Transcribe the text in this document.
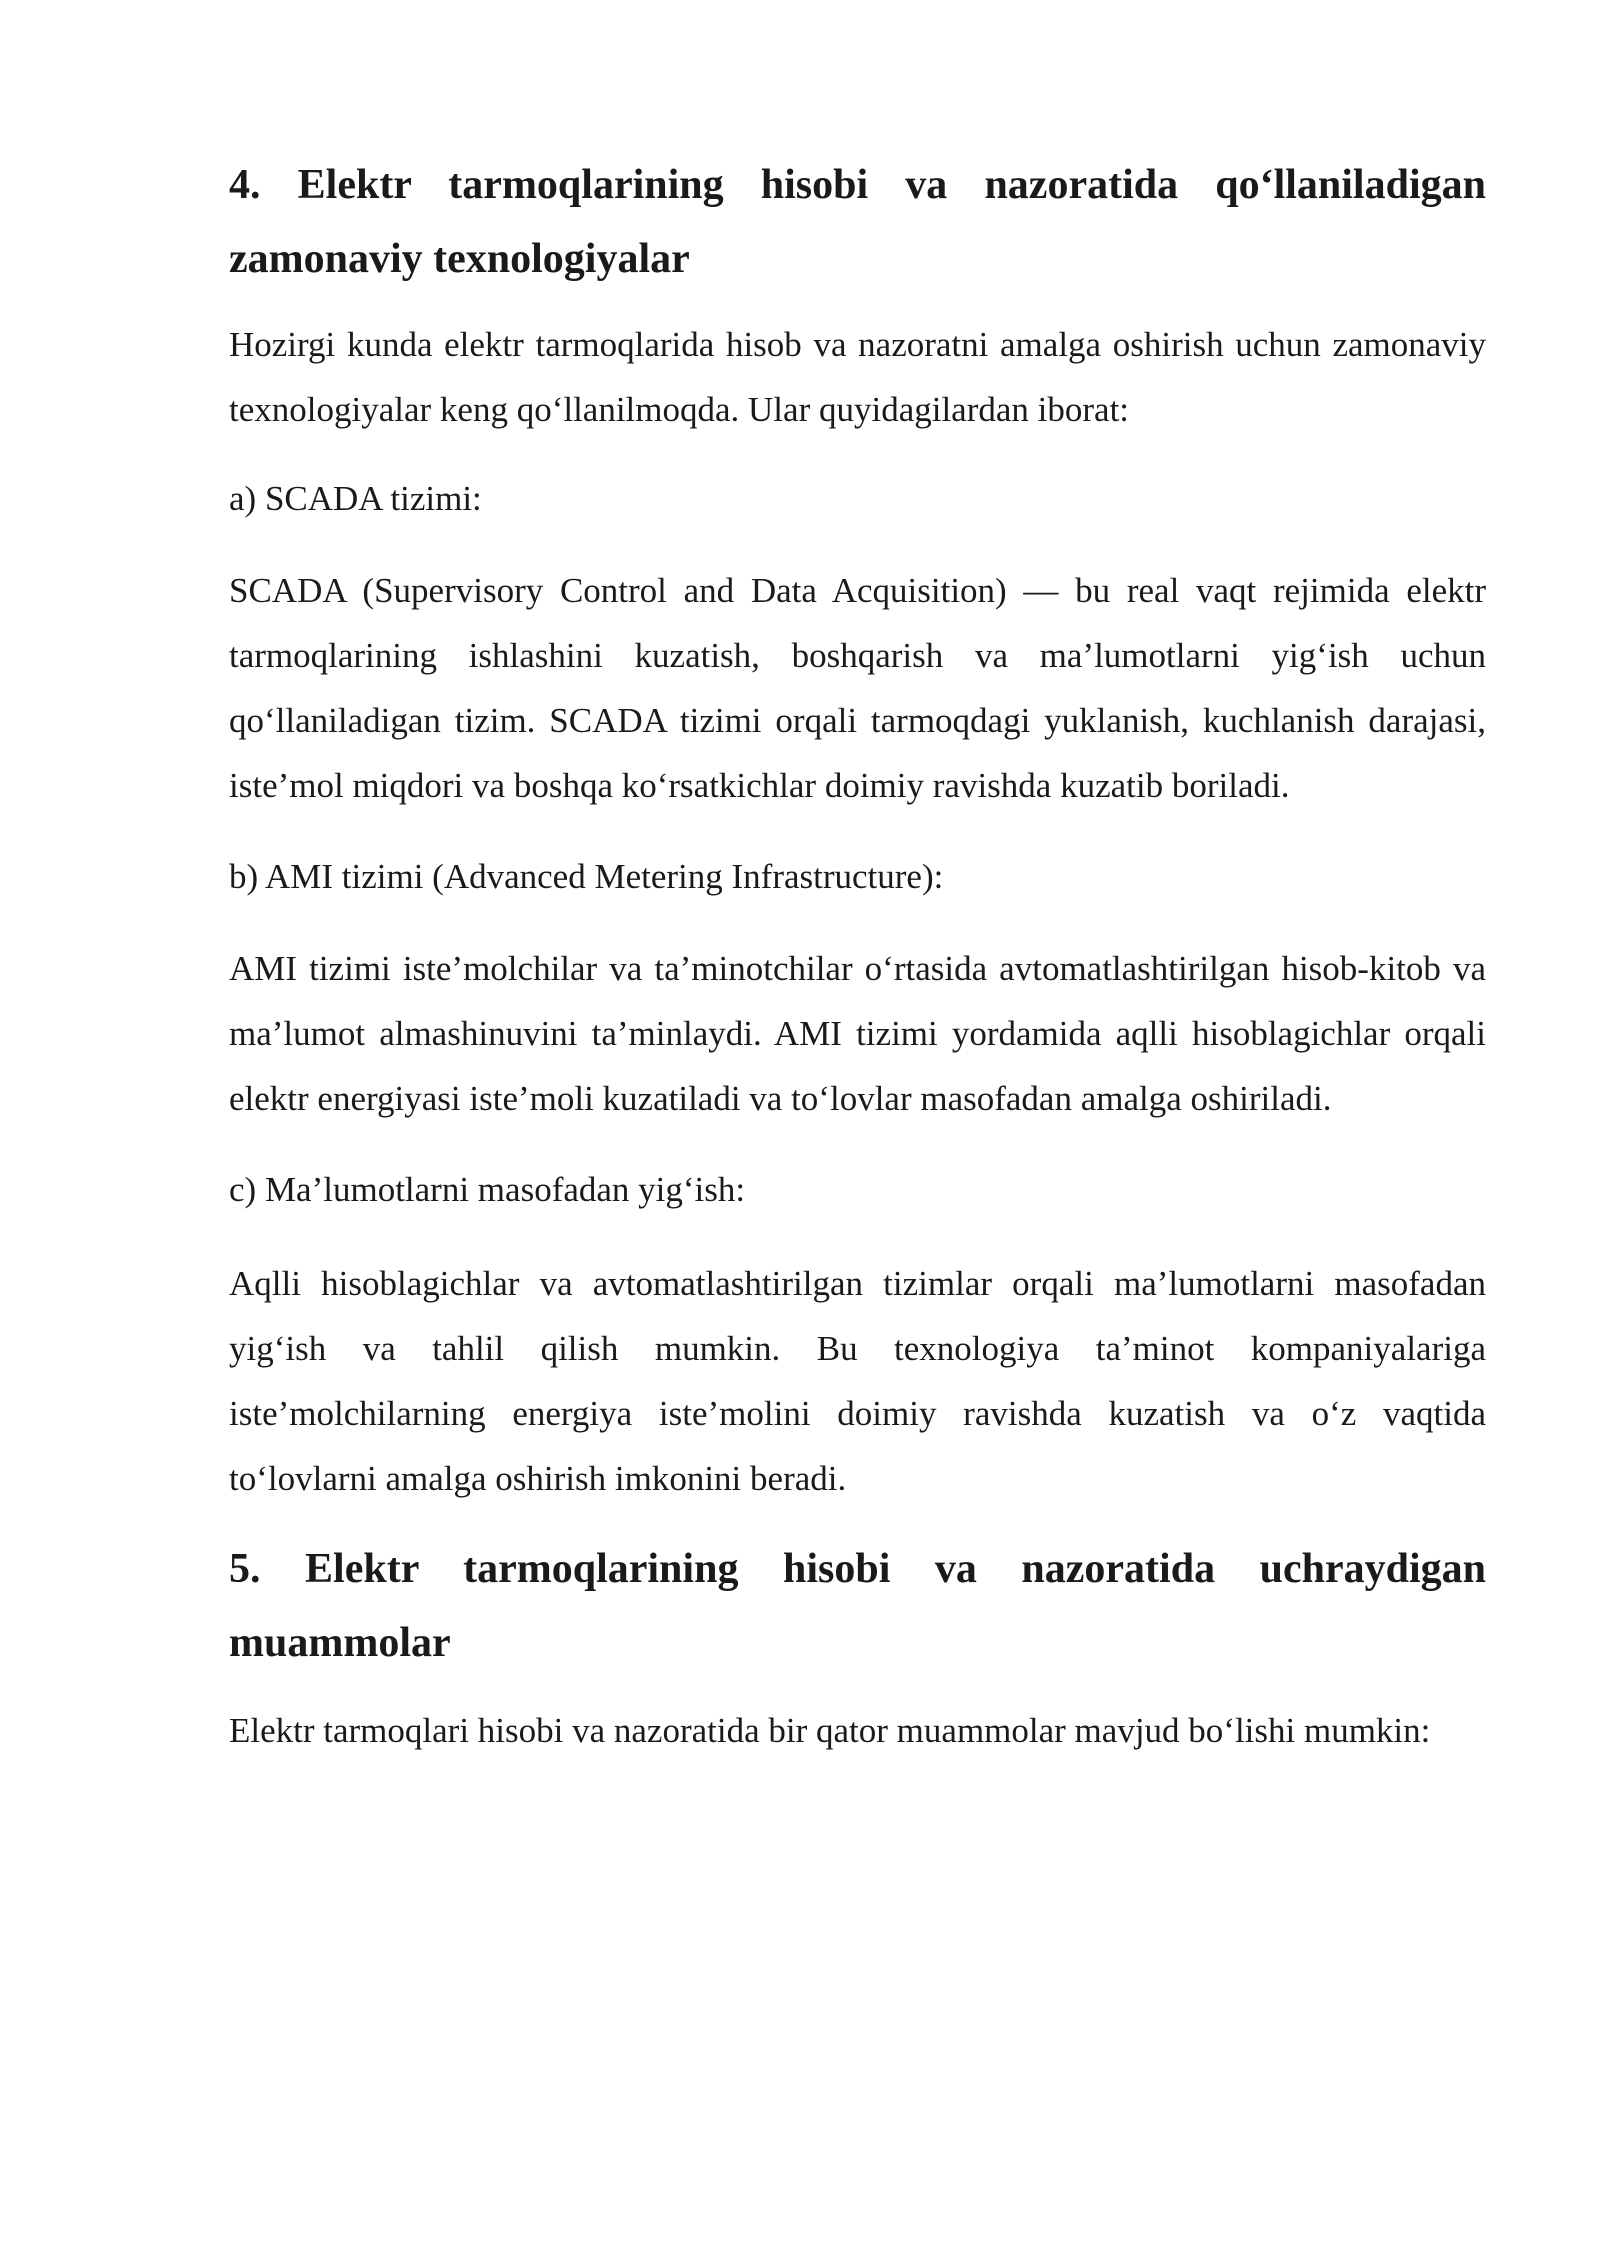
4. Elektr tarmoqlarining hisobi va nazoratida qo‘llaniladigan zamonaviy texnologiyalar

Hozirgi kunda elektr tarmoqlarida hisob va nazoratni amalga oshirish uchun zamonaviy texnologiyalar keng qo‘llanilmoqda. Ular quyidagilardan iborat:

a) SCADA tizimi:

SCADA (Supervisory Control and Data Acquisition) — bu real vaqt rejimida elektr tarmoqlarining ishlashini kuzatish, boshqarish va ma’lumotlarni yig‘ish uchun qo‘llaniladigan tizim. SCADA tizimi orqali tarmoqdagi yuklanish, kuchlanish darajasi, iste’mol miqdori va boshqa ko‘rsatkichlar doimiy ravishda kuzatib boriladi.

b) AMI tizimi (Advanced Metering Infrastructure):

AMI tizimi iste’molchilar va ta’minotchilar o‘rtasida avtomatlashtirilgan hisob-kitob va ma’lumot almashinuvini ta’minlaydi. AMI tizimi yordamida aqlli hisoblagichlar orqali elektr energiyasi iste’moli kuzatiladi va to‘lovlar masofadan amalga oshiriladi.

c) Ma’lumotlarni masofadan yig‘ish:

Aqlli hisoblagichlar va avtomatlashtirilgan tizimlar orqali ma’lumotlarni masofadan yig‘ish va tahlil qilish mumkin. Bu texnologiya ta’minot kompaniyalariga iste’molchilarning energiya iste’molini doimiy ravishda kuzatish va o‘z vaqtida to‘lovlarni amalga oshirish imkonini beradi.

5. Elektr tarmoqlarining hisobi va nazoratida uchraydigan muammolar

Elektr tarmoqlari hisobi va nazoratida bir qator muammolar mavjud bo‘lishi mumkin:
